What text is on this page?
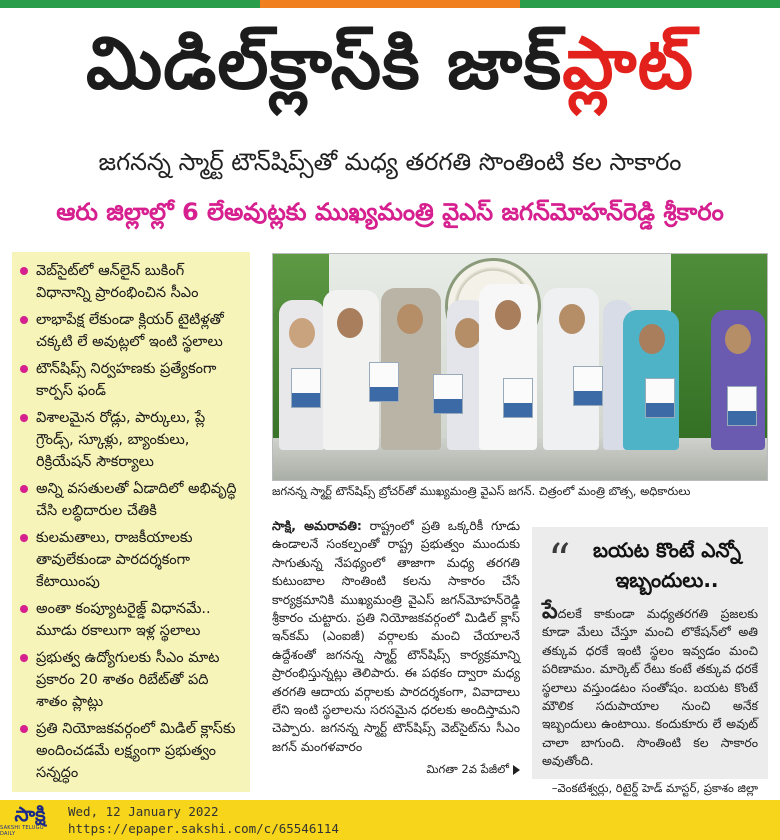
మిడిల్‌క్లాస్‌కి జాక్ ప్లాట్
జగనన్న స్మార్ట్‌ టౌన్‌షిప్స్‌తో మధ్య తరగతి సొంతింటి కల సాకారం
ఆరు జిల్లాల్లో 6 లేఅవుట్లకు ముఖ్యమంత్రి వైఎస్‌ జగన్‌మోహన్‌రెడ్డి శ్రీకారం
వెబ్‌సైట్‌లో ఆన్‌లైన్‌ బుకింగ్‌ విధానాన్ని ప్రారంభించిన సీఎం
లాభాపేక్ష లేకుండా క్లియర్‌ టైటిళ్లతో చక్కటి లే అవుట్లలో ఇంటి స్థలాలు
టౌన్‌షిప్స్‌ నిర్వహణకు ప్రత్యేకంగా కార్పస్‌ ఫండ్‌
విశాలమైన రోడ్లు, పార్కులు, ప్లే గ్రౌండ్స్‌, స్కూళ్లు, బ్యాంకులు, రిక్రియేషన్‌ సౌకర్యాలు
అన్ని వసతులతో ఏడాదిలో అభివృద్ధి చేసి లబ్ధిదారుల చేతికి
కులమతాలు, రాజకీయాలకు తావులేకుండా పారదర్శకంగా కేటాయింపు
అంతా కంప్యూటరైజ్డ్‌ విధానమే.. మూడు రకాలుగా ఇళ్ల స్థలాలు
ప్రభుత్వ ఉద్యోగులకు సీఎం మాట ప్రకారం 20 శాతం రిబేట్‌తో పది శాతం ప్లాట్లు
ప్రతి నియోజకవర్గంలో మిడిల్‌ క్లాస్‌కు అందించడమే లక్ష్యంగా ప్రభుత్వం సన్నద్ధం
జగనన్న స్మార్ట్‌ టౌన్‌షిప్స్‌ బ్రోచర్‌తో ముఖ్యమంత్రి వైఎస్‌ జగన్‌. చిత్రంలో మంత్రి బొత్స, అధికారులు

సాక్షి, అమరావతి: రాష్ట్రంలో ప్రతి ఒక్కరికీ గూడు ఉండాలనే సంకల్పంతో రాష్ట్ర ప్రభుత్వం ముందుకు సాగుతున్న నేపథ్యంలో తాజాగా మధ్య తరగతి కుటుంబాల సొంతింటి కలను సాకారం చేసే కార్యక్రమానికి ముఖ్యమంత్రి వైఎస్‌ జగన్‌మోహన్‌రెడ్డి శ్రీకారం చుట్టారు. ప్రతి నియోజకవర్గంలో మిడిల్‌ క్లాస్‌ ఇన్‌కమ్‌ (ఎంఐజీ) వర్గాలకు మంచి చేయాలనే ఉద్దేశంతో జగనన్న స్మార్ట్‌ టౌన్‌షిప్స్‌ కార్యక్రమాన్ని ప్రారంభిస్తున్నట్లు తెలిపారు. ఈ పథకం ద్వారా మధ్య తరగతి ఆదాయ వర్గాలకు పారదర్శకంగా, వివాదాలు లేని ఇంటి స్థలాలను సరసమైన ధరలకు అందిస్తామని చెప్పారు. జగనన్న స్మార్ట్‌ టౌన్‌షిప్స్‌ వెబ్‌సైట్‌ను సీఎం జగన్‌ మంగళవారం

మిగతా 2వ పేజీలో
“	బయట కొంటే ఎన్నో ఇబ్బందులు..

పేదలకే కాకుండా మధ్యతరగతి ప్రజలకు కూడా మేలు చేస్తూ మంచి లొకేషన్‌లో అతి తక్కువ ధరకే ఇంటి స్థలం ఇవ్వడం మంచి పరిణామం. మార్కెట్‌ రేటు కంటే తక్కువ ధరకే స్థలాలు వస్తుండటం సంతోషం. బయట కొంటే మౌలిక సదుపాయాల నుంచి అనేక ఇబ్బందులు ఉంటాయి. కందుకూరు లే అవుట్‌ చాలా బాగుంది. సొంతింటి కల సాకారం అవుతోంది.

–వెంకటేశ్వర్లు, రిటైర్డ్‌ హెడ్‌ మాస్టర్‌, ప్రకాశం జిల్లా
సాక్షి
SAKSHI TELUGU DAILY
Wed, 12 January 2022
https://epaper.sakshi.com/c/65546114
